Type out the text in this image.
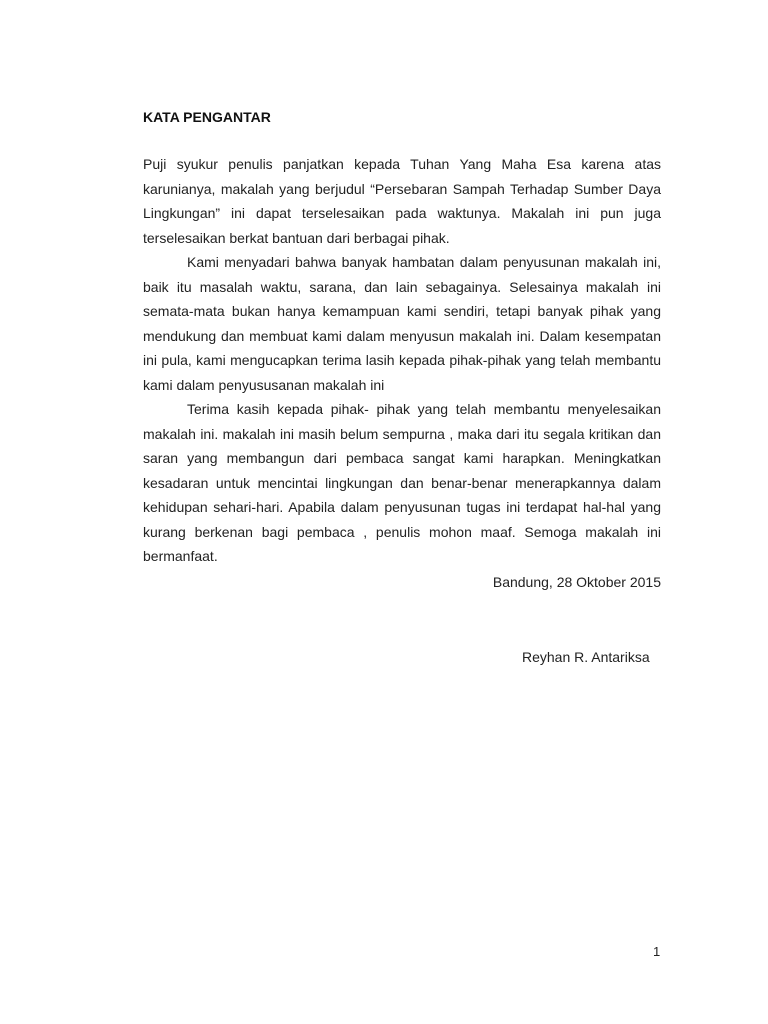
KATA PENGANTAR

Puji syukur penulis panjatkan kepada Tuhan Yang Maha Esa karena atas karunianya, makalah yang berjudul “Persebaran Sampah Terhadap Sumber Daya Lingkungan” ini dapat terselesaikan pada waktunya. Makalah ini pun juga terselesaikan berkat bantuan dari berbagai pihak.

Kami menyadari bahwa banyak hambatan dalam penyusunan makalah ini, baik itu masalah waktu, sarana, dan lain sebagainya. Selesainya makalah ini semata-mata bukan hanya kemampuan kami sendiri, tetapi banyak pihak yang mendukung dan membuat kami dalam menyusun makalah ini. Dalam kesempatan ini pula, kami mengucapkan terima lasih kepada pihak-pihak yang telah membantu kami dalam penyususanan makalah ini

Terima kasih kepada pihak- pihak yang telah membantu menyelesaikan makalah ini. makalah ini masih belum sempurna , maka dari itu segala kritikan dan saran yang membangun dari pembaca sangat kami harapkan. Meningkatkan kesadaran untuk mencintai lingkungan dan benar-benar menerapkannya dalam kehidupan sehari-hari. Apabila dalam penyusunan tugas ini terdapat hal-hal yang kurang berkenan bagi pembaca , penulis mohon maaf. Semoga makalah ini bermanfaat.

Bandung, 28 Oktober 2015
Reyhan R. Antariksa
1
